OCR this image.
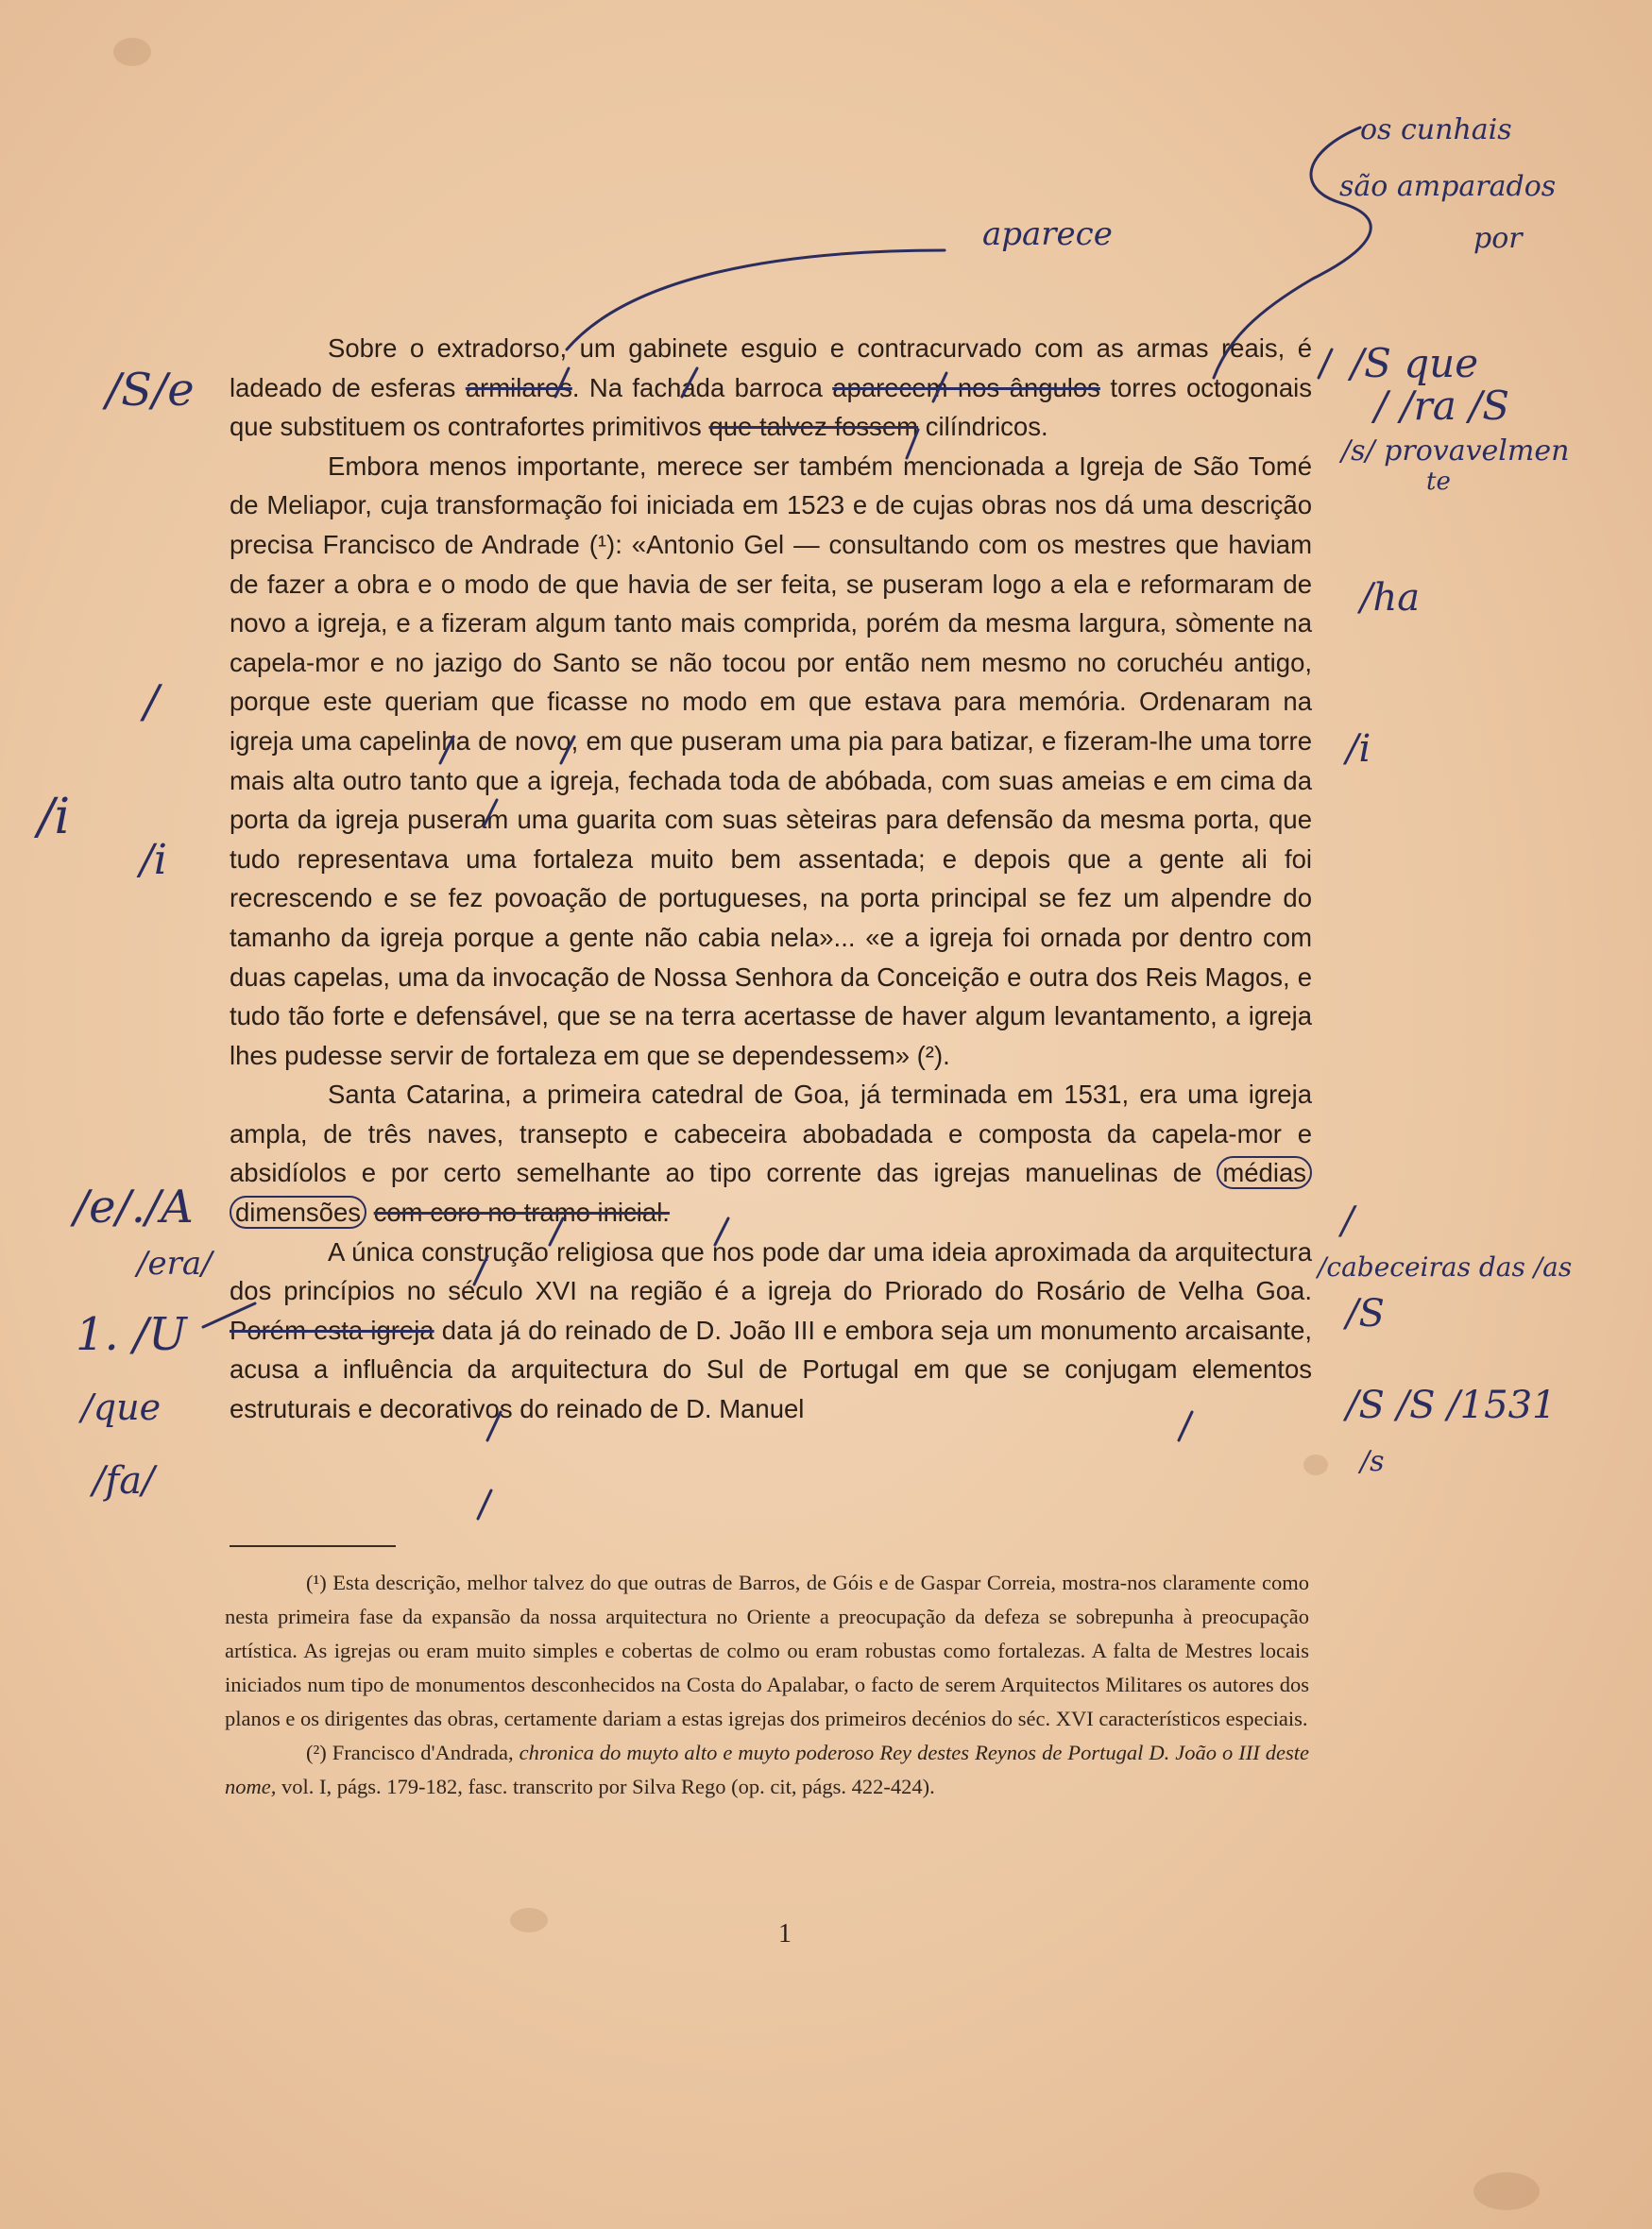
Sobre o extradorso, um gabinete esguio e contracurvado com as armas reais, é ladeado de esferas armilares. Na fachada barroca aparecem nos ângulos torres octogonais que substituem os contrafortes primitivos que talvez fossem cilíndricos.

Embora menos importante, merece ser também mencionada a Igreja de São Tomé de Meliapor, cuja transformação foi iniciada em 1523 e de cujas obras nos dá uma descrição precisa Francisco de Andrade (¹): «Antonio Gel — consultando com os mestres que haviam de fazer a obra e o modo de que havia de ser feita, se puseram logo a ela e reformaram de novo a igreja, e a fizeram algum tanto mais comprida, porém da mesma largura, sòmente na capela-mor e no jazigo do Santo se não tocou por então nem mesmo no coruchéu antigo, porque este queriam que ficasse no modo em que estava para memória. Ordenaram na igreja uma capelinha de novo, em que puseram uma pia para batizar, e fizeram-lhe uma torre mais alta outro tanto que a igreja, fechada toda de abóbada, com suas ameias e em cima da porta da igreja puseram uma guarita com suas sèteiras para defensão da mesma porta, que tudo representava uma fortaleza muito bem assentada; e depois que a gente ali foi recrescendo e se fez povoação de portugueses, na porta principal se fez um alpendre do tamanho da igreja porque a gente não cabia nela»... «e a igreja foi ornada por dentro com duas capelas, uma da invocação de Nossa Senhora da Conceição e outra dos Reis Magos, e tudo tão forte e defensável, que se na terra acertasse de haver algum levantamento, a igreja lhes pudesse servir de fortaleza em que se dependessem» (²).

Santa Catarina, a primeira catedral de Goa, já terminada em 1531, era uma igreja ampla, de três naves, transepto e cabeceira abobadada e composta da capela-mor e absidíolos e por certo semelhante ao tipo corrente das igrejas manuelinas de médias dimensões com coro no tramo inicial.

A única construção religiosa que nos pode dar uma ideia aproximada da arquitectura dos princípios no século XVI na região é a igreja do Priorado do Rosário de Velha Goa. Porém esta igreja data já do reinado de D. João III e embora seja um monumento arcaisante, acusa a influência da arquitectura do Sul de Portugal em que se conjugam elementos estruturais e decorativos do reinado de D. Manuel

(¹) Esta descrição, melhor talvez do que outras de Barros, de Góis e de Gaspar Correia, mostra-nos claramente como nesta primeira fase da expansão da nossa arquitectura no Oriente a preocupação da defeza se sobrepunha à preocupação artística. As igrejas ou eram muito simples e cobertas de colmo ou eram robustas como fortalezas. A falta de Mestres locais iniciados num tipo de monumentos desconhecidos na Costa do Apalabar, o facto de serem Arquitectos Militares os autores dos planos e os dirigentes das obras, certamente dariam a estas igrejas dos primeiros decénios do séc. XVI característicos especiais.

(²) Francisco d'Andrada, chronica do muyto alto e muyto poderoso Rey destes Reynos de Portugal D. João o III deste nome, vol. I, págs. 179-182, fasc. transcrito por Silva Rego (op. cit, págs. 422-424).

1
aparece
os cunhais
são amparados
por
/S/e
/
/i
/i
/e/./A
/era/
1. /U
/que
/fa/
/S que
/ /ra /S
/s/ provavelmen
te
/ha
/i
/
/cabeceiras das /as
/S
/S /S /1531
/s
